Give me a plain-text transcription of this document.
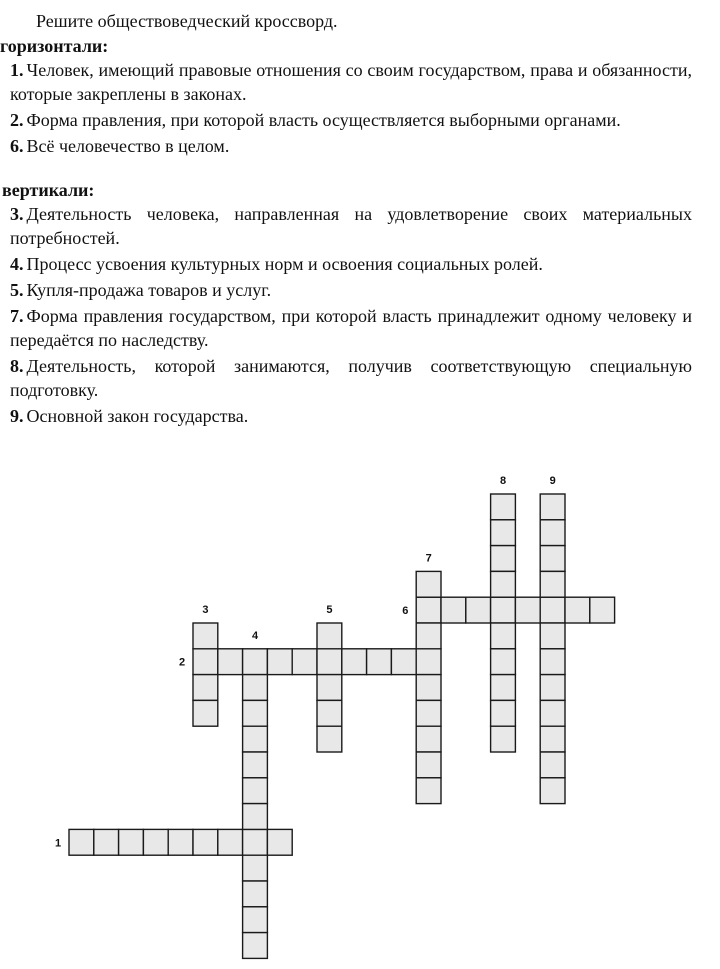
Решите обществоведческий кроссворд.

горизонтали:

1. Человек, имеющий правовые отношения со своим государством, права и обязанности, которые закреплены в законах.

2. Форма правления, при которой власть осуществляется выборными органами.

6. Всё человечество в целом.

вертикали:

3. Деятельность человека, направленная на удовлетворение своих материальных потребностей.

4. Процесс усвоения культурных норм и освоения социальных ролей.

5. Купля-продажа товаров и услуг.

7. Форма правления государством, при которой власть принадлежит одному человеку и передаётся по наследству.

8. Деятельность, которой занимаются, получив соответствующую специальную подготовку.

9. Основной закон государства.

1
2
6
3
4
5
7
8	9
